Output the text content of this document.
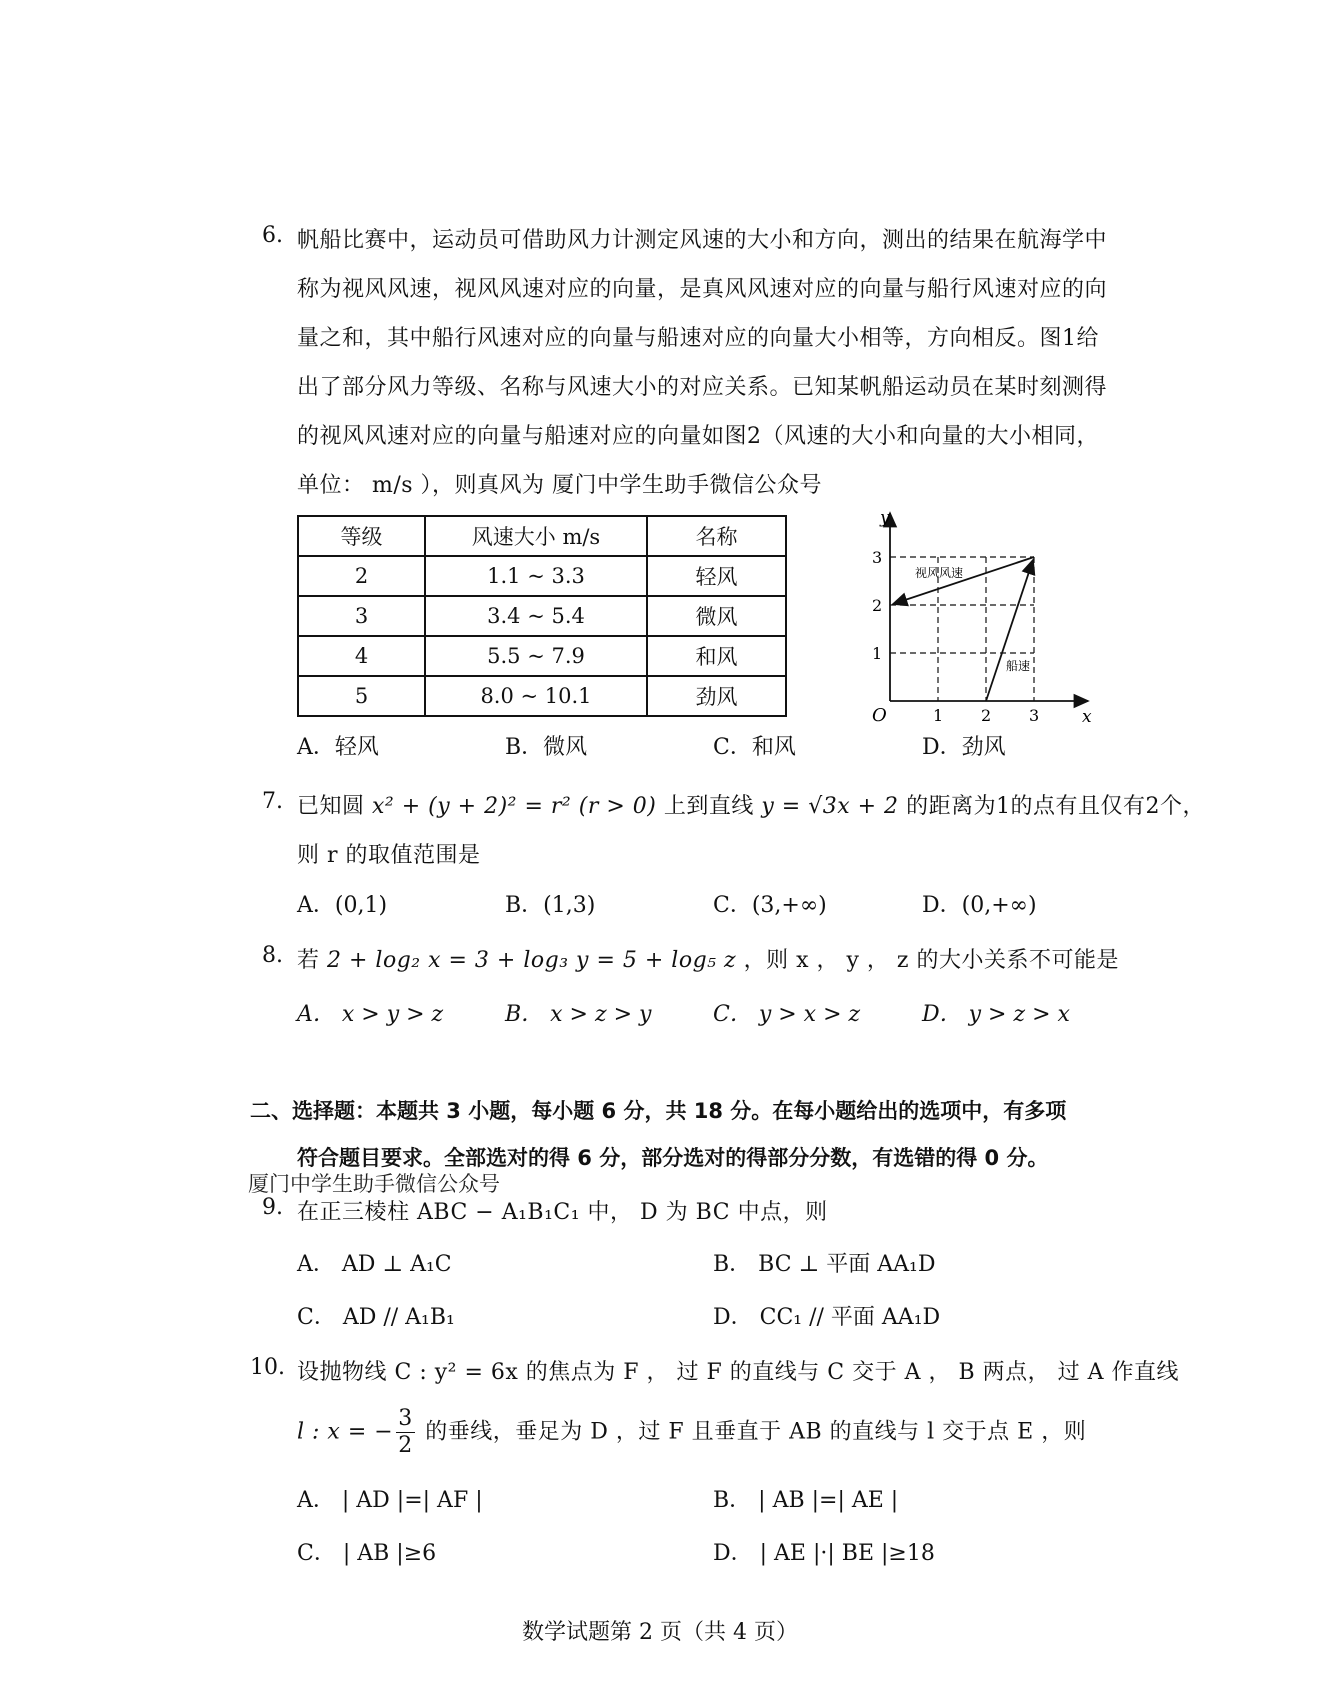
6. 帆船比赛中，运动员可借助风力计测定风速的大小和方向，测出的结果在航海学中
称为视风风速，视风风速对应的向量，是真风风速对应的向量与船行风速对应的向
量之和，其中船行风速对应的向量与船速对应的向量大小相等，方向相反。图1给
出了部分风力等级、名称与风速大小的对应关系。已知某帆船运动员在某时刻测得
的视风风速对应的向量与船速对应的向量如图2（风速的大小和向量的大小相同，
单位： m/s ），则真风为 厦门中学生助手微信公众号
等级	风速大小 m/s	名称
2	1.1 ~ 3.3	轻风
3	3.4 ~ 5.4	微风
4	5.5 ~ 7.9	和风
5	8.0 ~ 10.1	劲风
y
x
O	1 2 3
1
2
3
视风风速
船速
A．轻风	B．微风	C．和风	D．劲风
7. 已知圆 x² + (y + 2)² = r² (r > 0) 上到直线 y = √3x + 2 的距离为1的点有且仅有2个，
则 r 的取值范围是
A．(0,1)	B．(1,3)	C．(3,+∞)	D．(0,+∞)
8. 若 2 + log₂ x = 3 + log₃ y = 5 + log₅ z ，则 x ， y ， z 的大小关系不可能是
A． x > y > z	B． x > z > y	C． y > x > z	D． y > z > x
二、选择题：本题共 3 小题，每小题 6 分，共 18 分。在每小题给出的选项中，有多项
符合题目要求。全部选对的得 6 分，部分选对的得部分分数，有选错的得 0 分。
厦门中学生助手微信公众号
9. 在正三棱柱 ABC − A₁B₁C₁ 中， D 为 BC 中点，则
A． AD ⊥ A₁C	B． BC ⊥ 平面 AA₁D
C． AD // A₁B₁	D． CC₁ // 平面 AA₁D
10. 设抛物线 C : y² = 6x 的焦点为 F ， 过 F 的直线与 C 交于 A ， B 两点， 过 A 作直线
l : x = − $\frac{3}{2}$ 的垂线，垂足为 D ，过 F 且垂直于 AB 的直线与 l 交于点 E ，则
A． | AD |=| AF |	B． | AB |=| AE |
C． | AB |≥6	D． | AE |·| BE |≥18
数学试题第 2 页（共 4 页）
